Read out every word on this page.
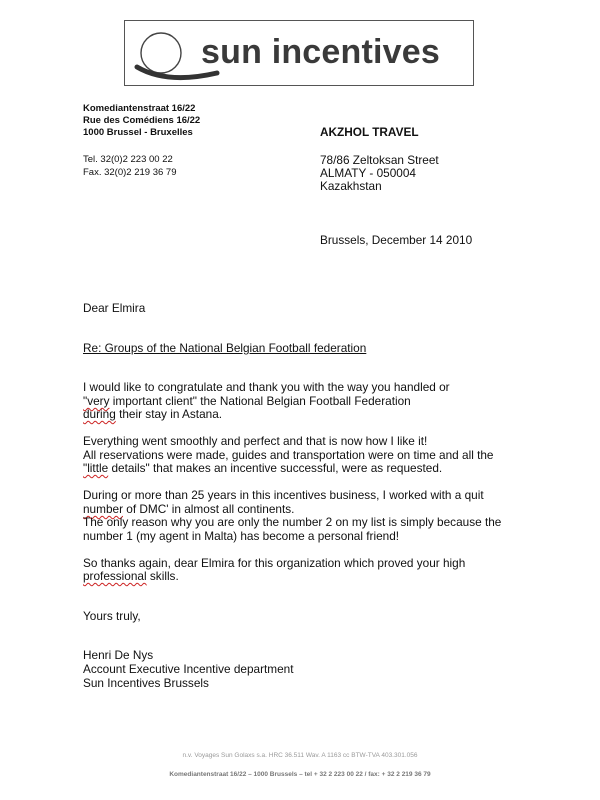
sun incentives
Komediantenstraat 16/22
Rue des Comédiens 16/22
1000 Brussel - Bruxelles
Tel. 32(0)2 223 00 22
Fax. 32(0)2 219 36 79
AKZHOL TRAVEL
78/86 Zeltoksan Street
ALMATY - 050004
Kazakhstan
Brussels, December 14 2010
Dear Elmira
Re: Groups of the National Belgian Football federation
I would like to congratulate and thank you with the way you handled or
"very important client" the National Belgian Football Federation
during their stay in Astana.
Everything went smoothly and perfect and that is now how I like it!
All reservations were made, guides and transportation were on time and all the
"little details" that makes an incentive successful, were as requested.
During or more than 25 years in this incentives business, I worked with a quit
number of DMC' in almost all continents.
The only reason why you are only the number 2 on my list is simply because the
number 1 (my agent in Malta) has become a personal friend!
So thanks again, dear Elmira for this organization which proved your high
professional skills.
Yours truly,
Henri De Nys
Account Executive Incentive department
Sun Incentives Brussels
n.v. Voyages Sun Golaxs s.a. HRC 36.511 Wav. A 1163 cc BTW-TVA 403.301.056
Komediantenstraat 16/22 – 1000 Brussels – tel + 32 2 223 00 22 / fax: + 32 2 219 36 79
